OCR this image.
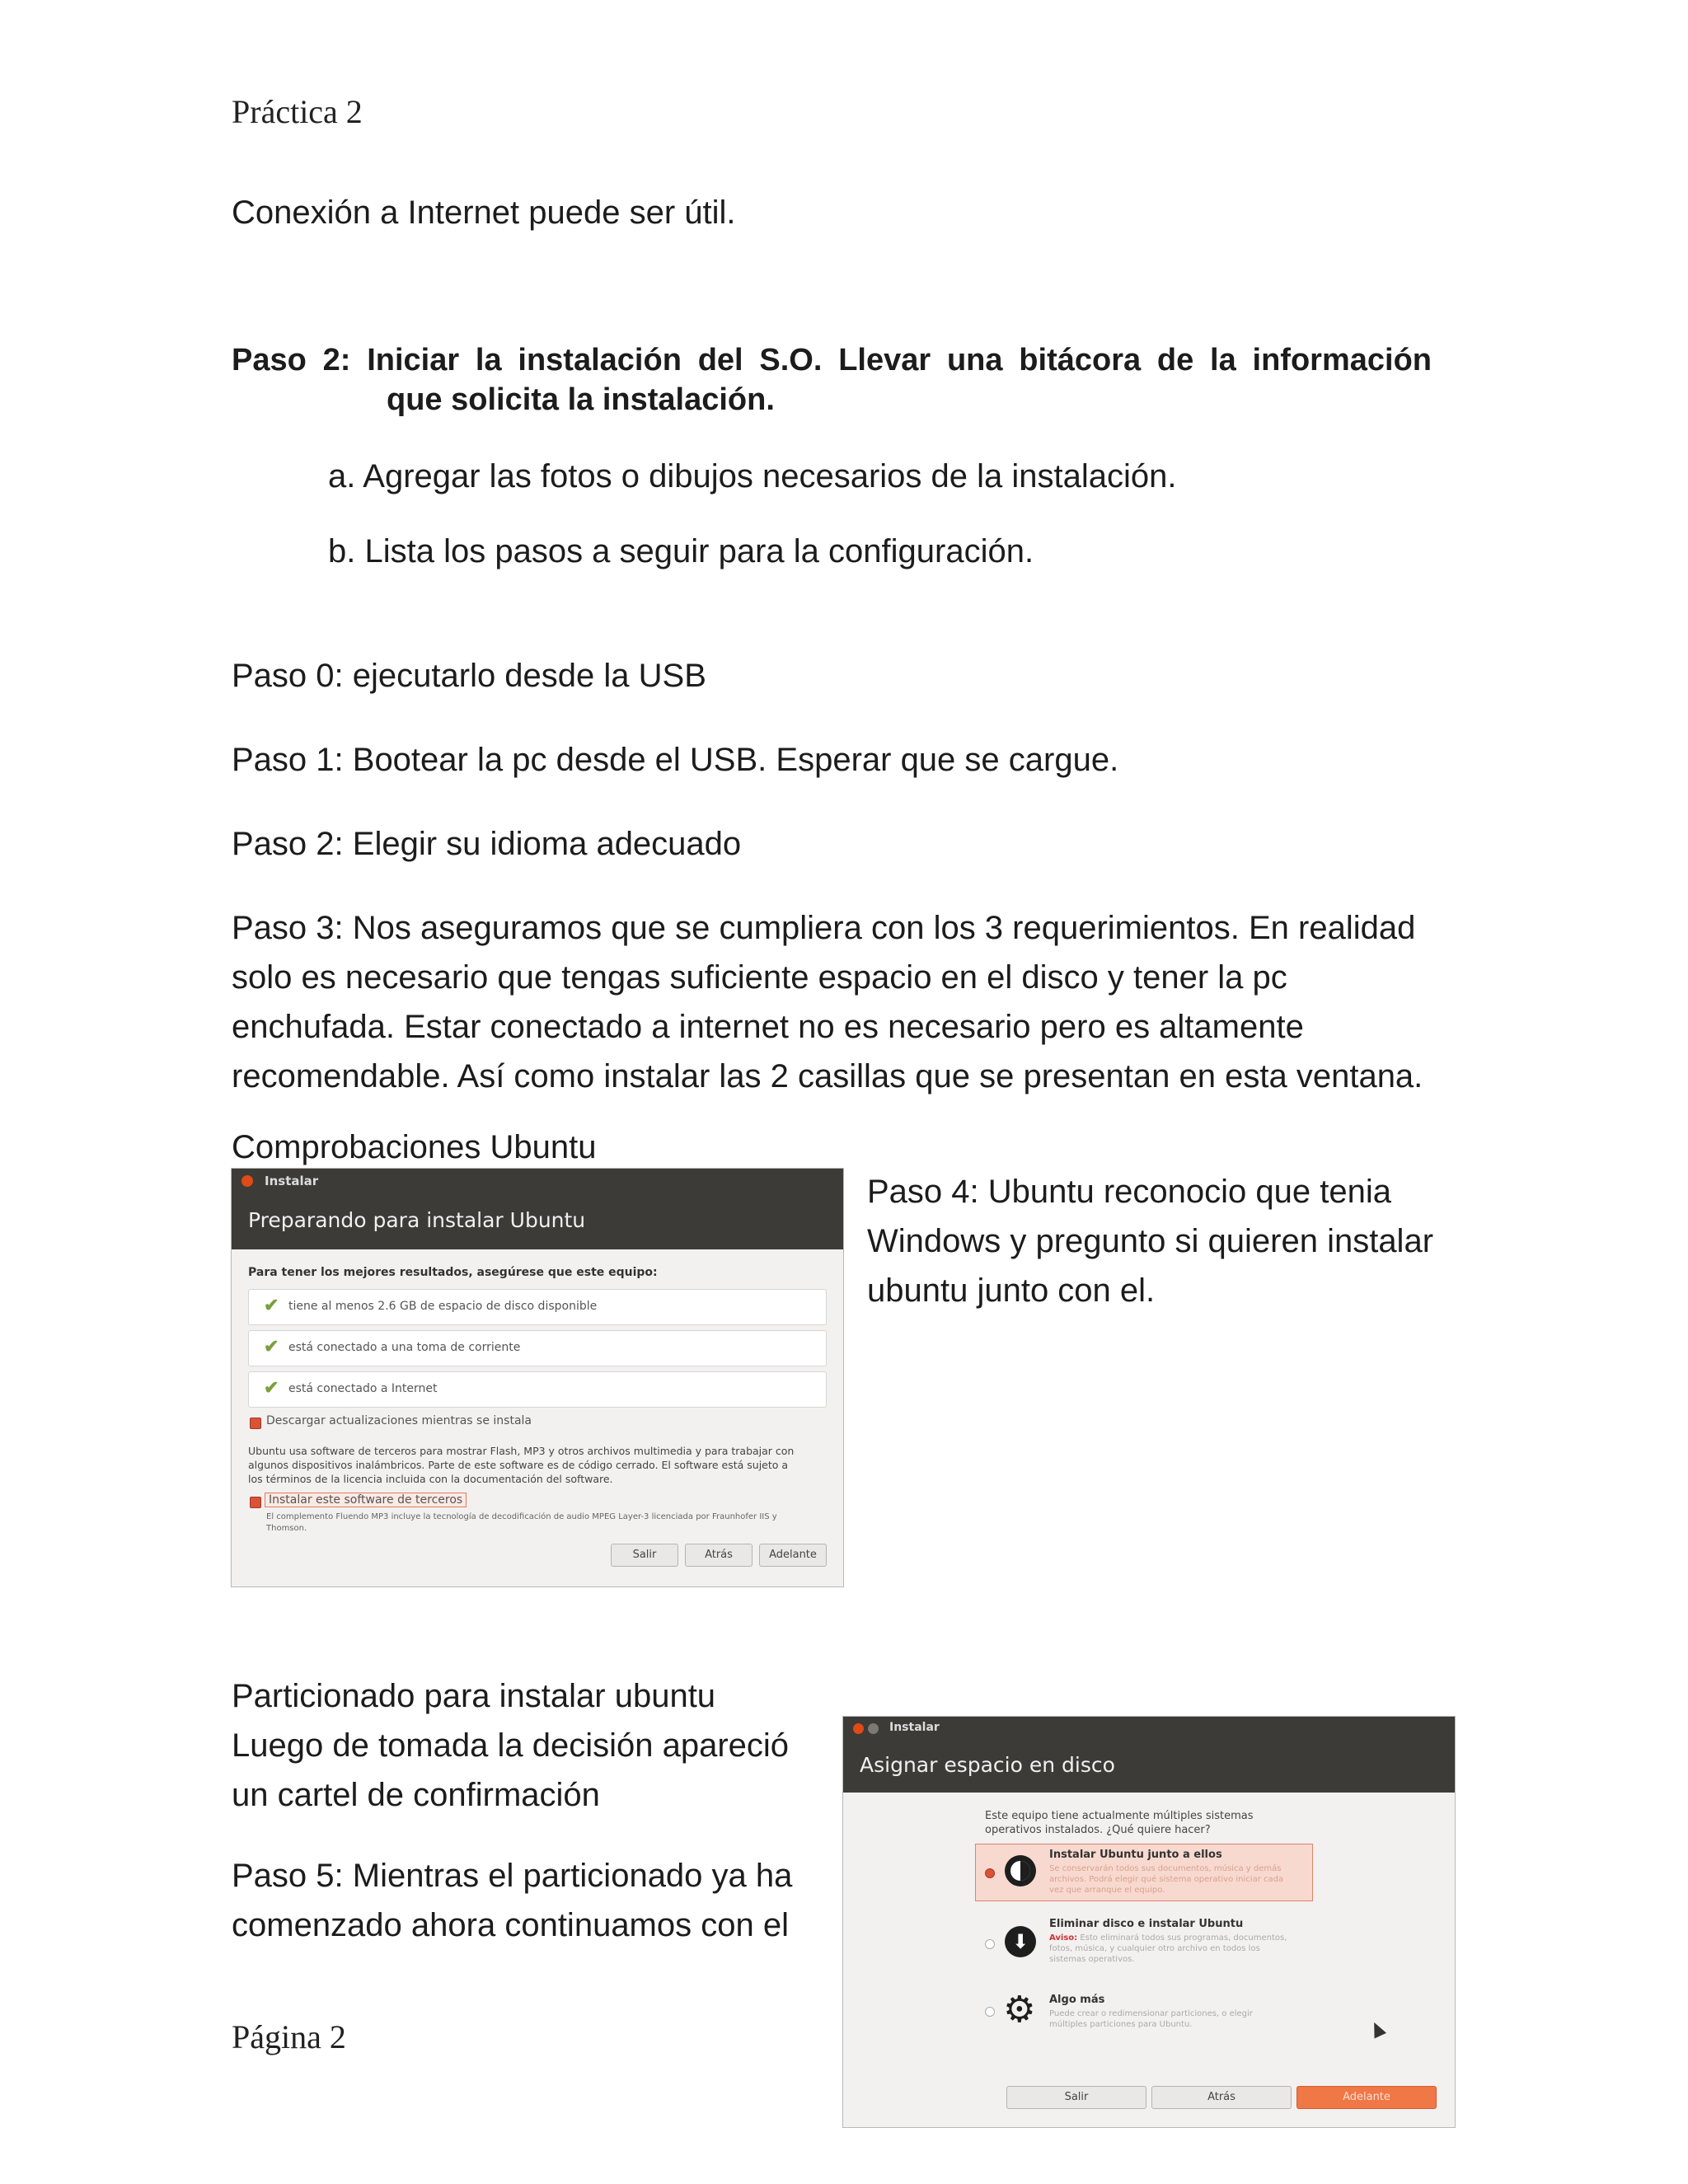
Práctica 2
Conexión a Internet puede ser útil.
Paso 2: Iniciar la instalación del S.O. Llevar una bitácora de la información
que solicita la instalación.
a. Agregar las fotos o dibujos necesarios de la instalación.
b. Lista los pasos a seguir para la configuración.
Paso 0: ejecutarlo desde la USB
Paso 1: Bootear la pc desde el USB. Esperar que se cargue.
Paso 2: Elegir su idioma adecuado
Paso 3: Nos aseguramos que se cumpliera con los 3 requerimientos. En realidad
solo es necesario que tengas suficiente espacio en el disco y tener la pc
enchufada. Estar conectado a internet no es necesario pero es altamente
recomendable. Así como instalar las 2 casillas que se presentan en esta ventana.
Comprobaciones Ubuntu
Instalar
Preparando para instalar Ubuntu
Para tener los mejores resultados, asegúrese que este equipo:
✔ tiene al menos 2.6 GB de espacio de disco disponible
✔ está conectado a una toma de corriente
✔ está conectado a Internet
Descargar actualizaciones mientras se instala
Ubuntu usa software de terceros para mostrar Flash, MP3 y otros archivos multimedia y para trabajar con
algunos dispositivos inalámbricos. Parte de este software es de código cerrado. El software está sujeto a
los términos de la licencia incluida con la documentación del software.
Instalar este software de terceros
El complemento Fluendo MP3 incluye la tecnología de decodificación de audio MPEG Layer-3 licenciada por Fraunhofer IIS y
Thomson.
Salir	Atrás	Adelante
Paso 4: Ubuntu reconocio que tenia
Windows y pregunto si quieren instalar
ubuntu junto con el.
Particionado para instalar ubuntu
Luego de tomada la decisión apareció
un cartel de confirmación
Paso 5: Mientras el particionado ya ha
comenzado ahora continuamos con el
Instalar
Asignar espacio en disco
Este equipo tiene actualmente múltiples sistemas
operativos instalados. ¿Qué quiere hacer?
Instalar Ubuntu junto a ellos
Se conservarán todos sus documentos, música y demás
archivos. Podrá elegir qué sistema operativo iniciar cada
vez que arranque el equipo.
⬇
Eliminar disco e instalar Ubuntu
Aviso: Esto eliminará todos sus programas, documentos,
fotos, música, y cualquier otro archivo en todos los
sistemas operativos.
⚙ Algo más
Puede crear o redimensionar particiones, o elegir
múltiples particiones para Ubuntu.
Salir	Atrás	Adelante
Página 2
